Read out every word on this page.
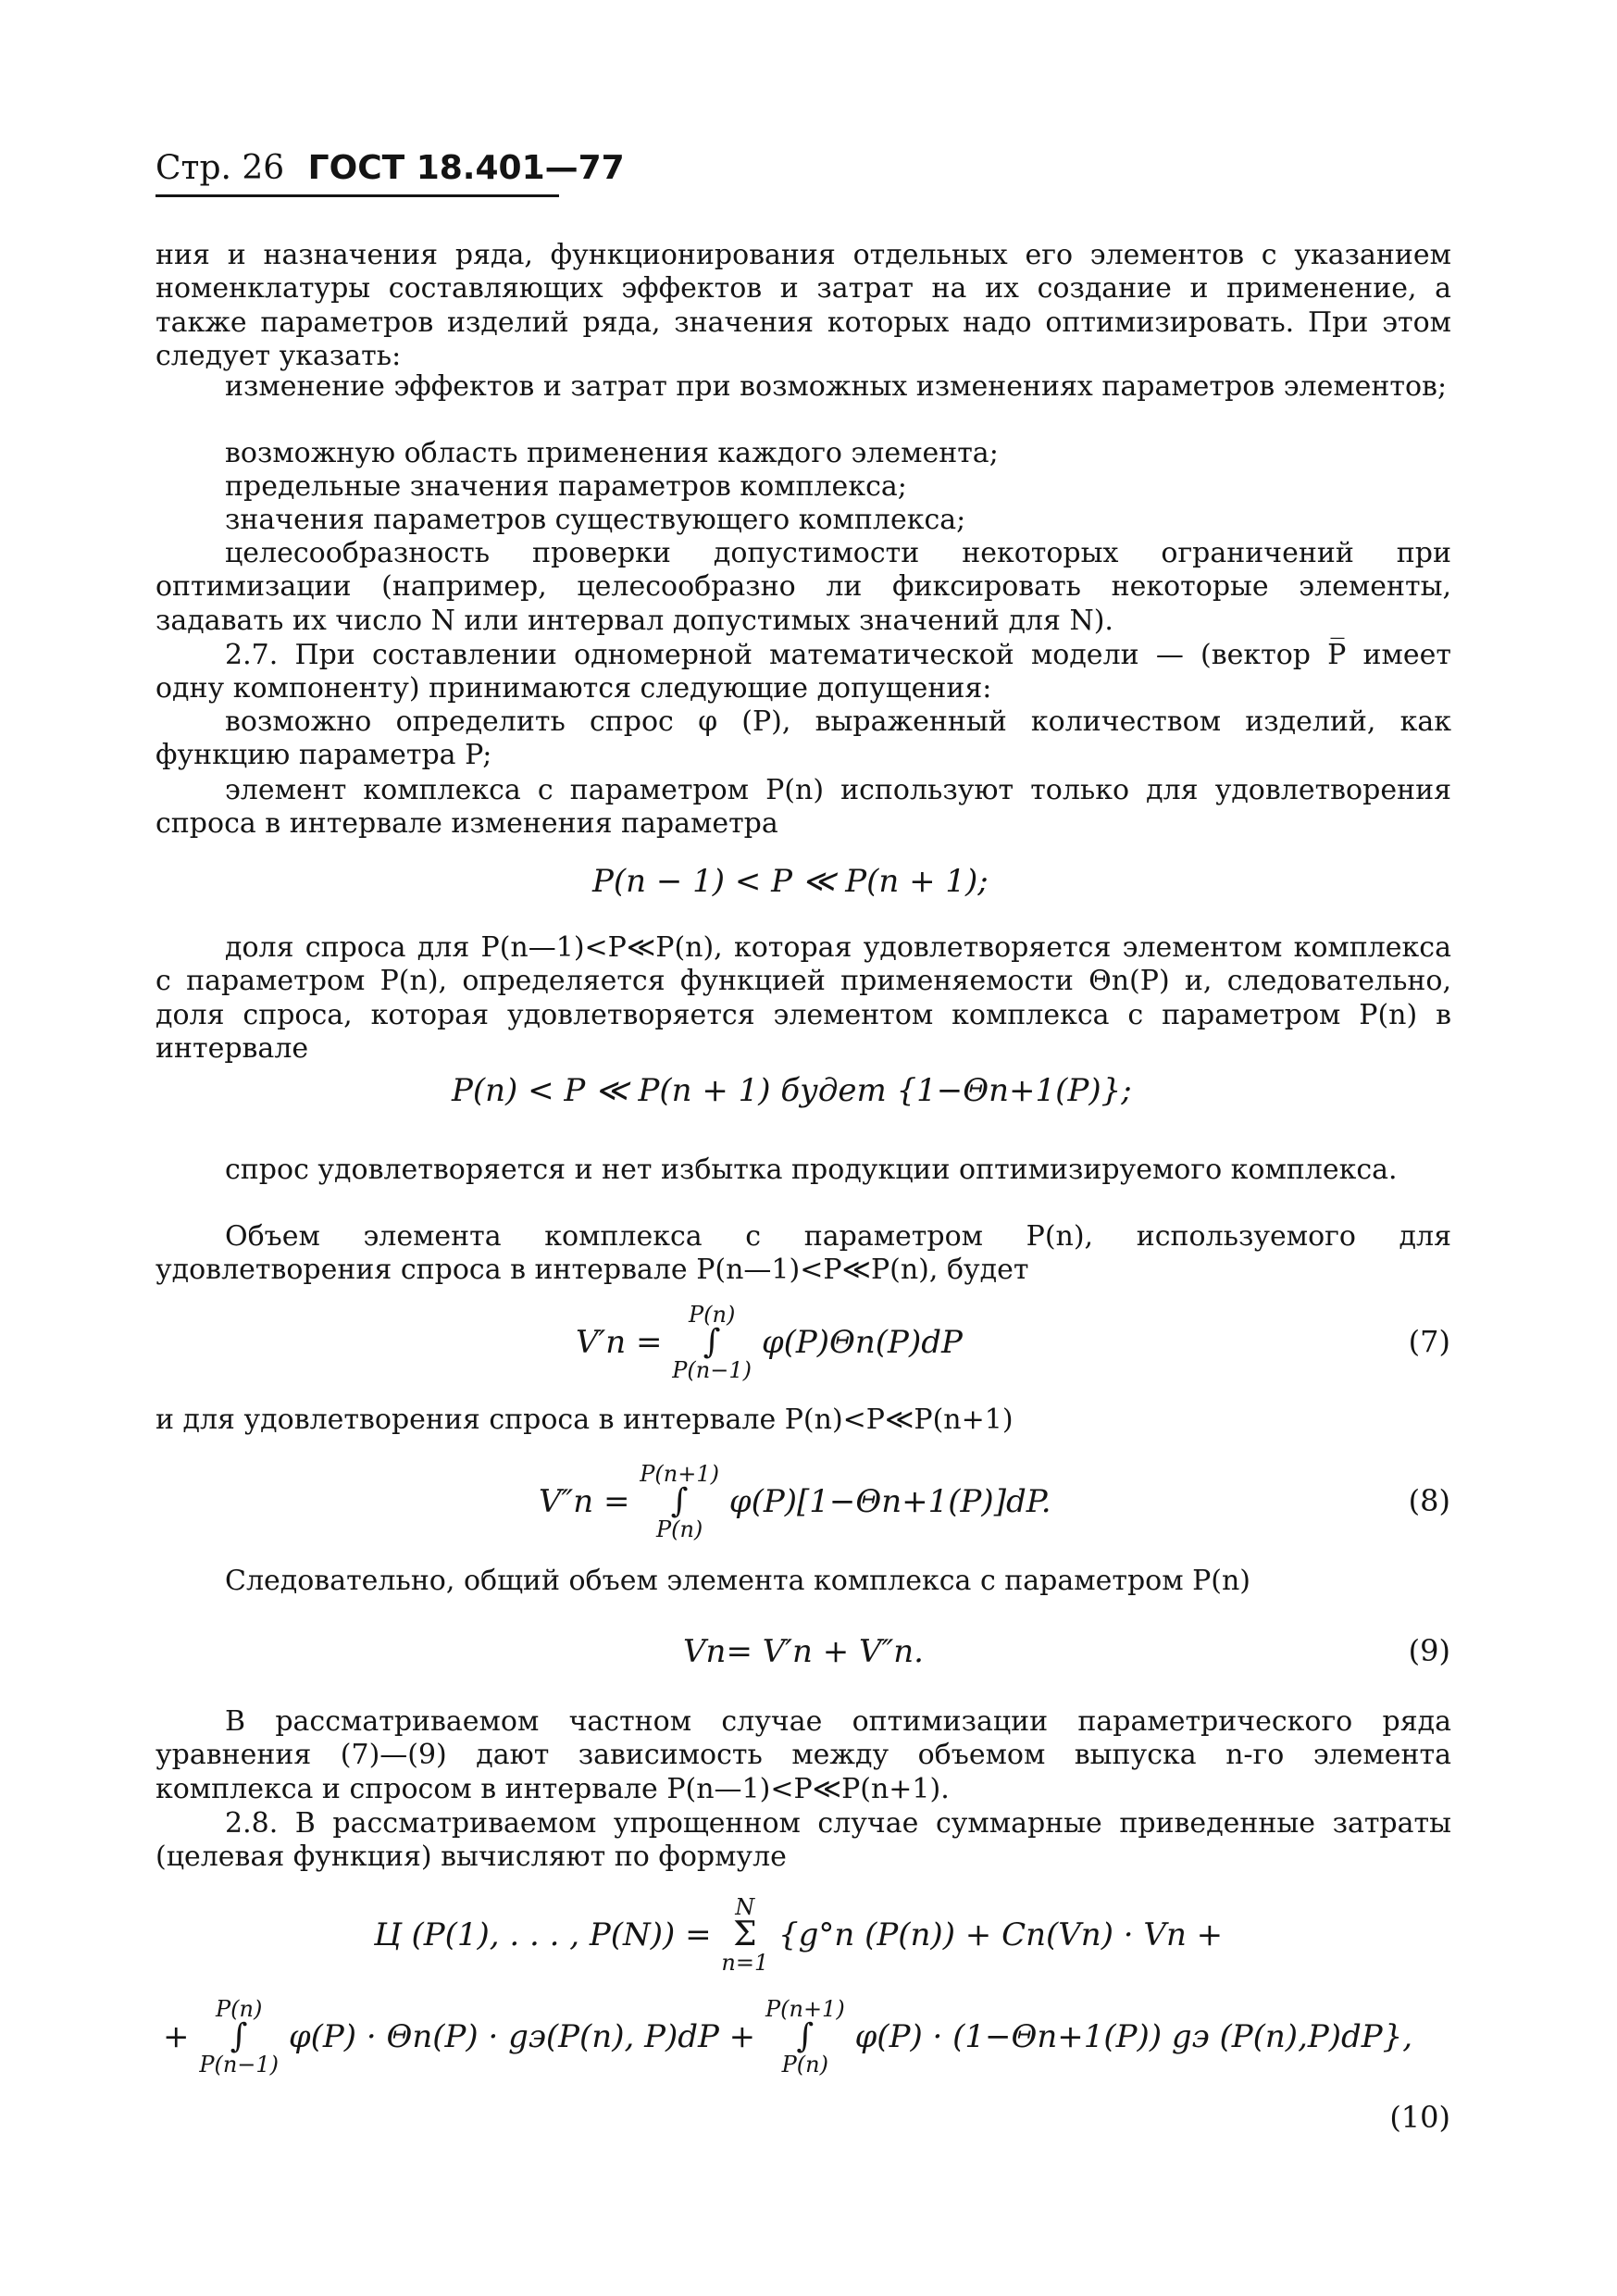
Стр. 26 ГОСТ 18.401—77

ния и назначения ряда, функционирования отдельных его элементов с указанием номенклатуры составляющих эффектов и затрат на их создание и применение, а также параметров изделий ряда, значения которых надо оптимизировать. При этом следует указать:

изменение эффектов и затрат при возможных изменениях параметров элементов;

возможную область применения каждого элемента;

предельные значения параметров комплекса;

значения параметров существующего комплекса;

целесообразность проверки допустимости некоторых ограничений при оптимизации (например, целесообразно ли фиксировать некоторые элементы, задавать их число N или интервал допустимых значений для N).

2.7. При составлении одномерной математической модели — (вектор P̅ имеет одну компоненту) принимаются следующие допущения:

возможно определить спрос φ (P), выраженный количеством изделий, как функцию параметра P;

элемент комплекса с параметром P(n) используют только для удовлетворения спроса в интервале изменения параметра

P(n − 1) < P ≪ P(n + 1);

доля спроса для P(n—1)<P≪P(n), которая удовлетворяется элементом комплекса с параметром P(n), определяется функцией применяемости Θn(P) и, следовательно, доля спроса, которая удовлетворяется элементом комплекса с параметром P(n) в интервале

P(n) < P ≪ P(n + 1) будет {1−Θn+1(P)};

спрос удовлетворяется и нет избытка продукции оптимизируемого комплекса.

Объем элемента комплекса с параметром P(n), используемого для удовлетворения спроса в интервале P(n—1)<P≪P(n), будет

V′n =
P(n)
∫
P(n−1)
φ(P)Θn(P)dP	(7)

и для удовлетворения спроса в интервале P(n)<P≪P(n+1)

V″n =
P(n+1)
∫
P(n)
φ(P)[1−Θn+1(P)]dP.	(8)

Следовательно, общий объем элемента комплекса с параметром P(n)

Vn= V′n + V″n.	(9)

В рассматриваемом частном случае оптимизации параметрического ряда уравнения (7)—(9) дают зависимость между объемом выпуска n-го элемента комплекса и спросом в интервале P(n—1)<P≪P(n+1).

2.8. В рассматриваемом упрощенном случае суммарные приведенные затраты (целевая функция) вычисляют по формуле

Ц (P(1), . . . , P(N)) =
N
Σ
n=1
{g°n (P(n)) + Cn(Vn) · Vn +
+
P(n)
∫
P(n−1)
φ(P) · Θn(P) · gэ(P(n), P)dP +
P(n+1)
∫
P(n)
φ(P) · (1−Θn+1(P)) gэ (P(n),P)dP},
(10)
